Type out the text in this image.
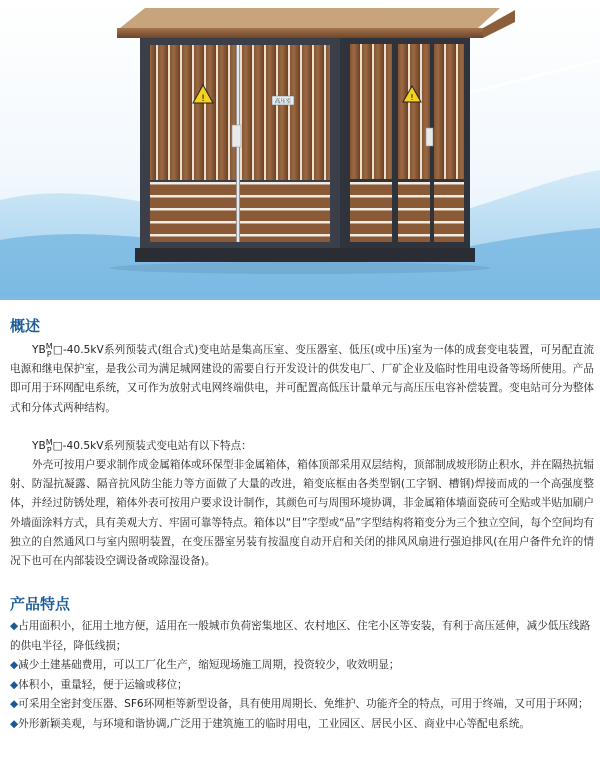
!	!
高压室
概述

YBM
P□-40.5kV系列预装式(组合式)变电站是集高压室、变压器室、低压(或中压)室为一体的成套变电装置，可另配直流电源和继电保护室，是我公司为满足城网建设的需要自行开发设计的供发电厂、厂矿企业及临时性用电设备等场所使用。产品即可用于环网配电系统，又可作为放射式电网终端供电，并可配置高低压计量单元与高压压电容补偿装置。变电站可分为整体式和分体式两种结构。

YBM
P□-40.5kV系列预装式变电站有以下特点：

外壳可按用户要求制作成金属箱体或环保型非金属箱体，箱体顶部采用双层结构，顶部制成坡形防止积水，并在隔热抗辐射、防湿抗凝露、隔音抗风防尘能力等方面做了大量的改进，箱变底框由各类型钢(工字钢、槽钢)焊接而成的一个高强度整体，并经过防锈处理，箱体外表可按用户要求设计制作，其颜色可与周围环境协调，非金属箱体墙面瓷砖可全贴或半贴加刷户外墙面涂料方式，具有美观大方、牢固可靠等特点。箱体以“目”字型或“品”字型结构将箱变分为三个独立空间，每个空间均有独立的自然通风口与室内照明装置，在变压器室另装有按温度自动开启和关闭的排风风扇进行强迫排风(在用户备件允许的情况下也可在内部装设空调设备或除湿设备)。

产品特点

◆占用面积小，征用土地方便，适用在一般城市负荷密集地区、农村地区、住宅小区等安装，有利于高压延伸，减少低压线路的供电半径，降低线损；

◆减少土建基础费用，可以工厂化生产，缩短现场施工周期，投资较少，收效明显；

◆体积小，重量轻，便于运输或移位；

◆可采用全密封变压器、SF6环网柜等新型设备，具有使用周期长、免维护、功能齐全的特点，可用于终端，又可用于环网；

◆外形新颖美观，与环境和谐协调,广泛用于建筑施工的临时用电，工业园区、居民小区、商业中心等配电系统。
